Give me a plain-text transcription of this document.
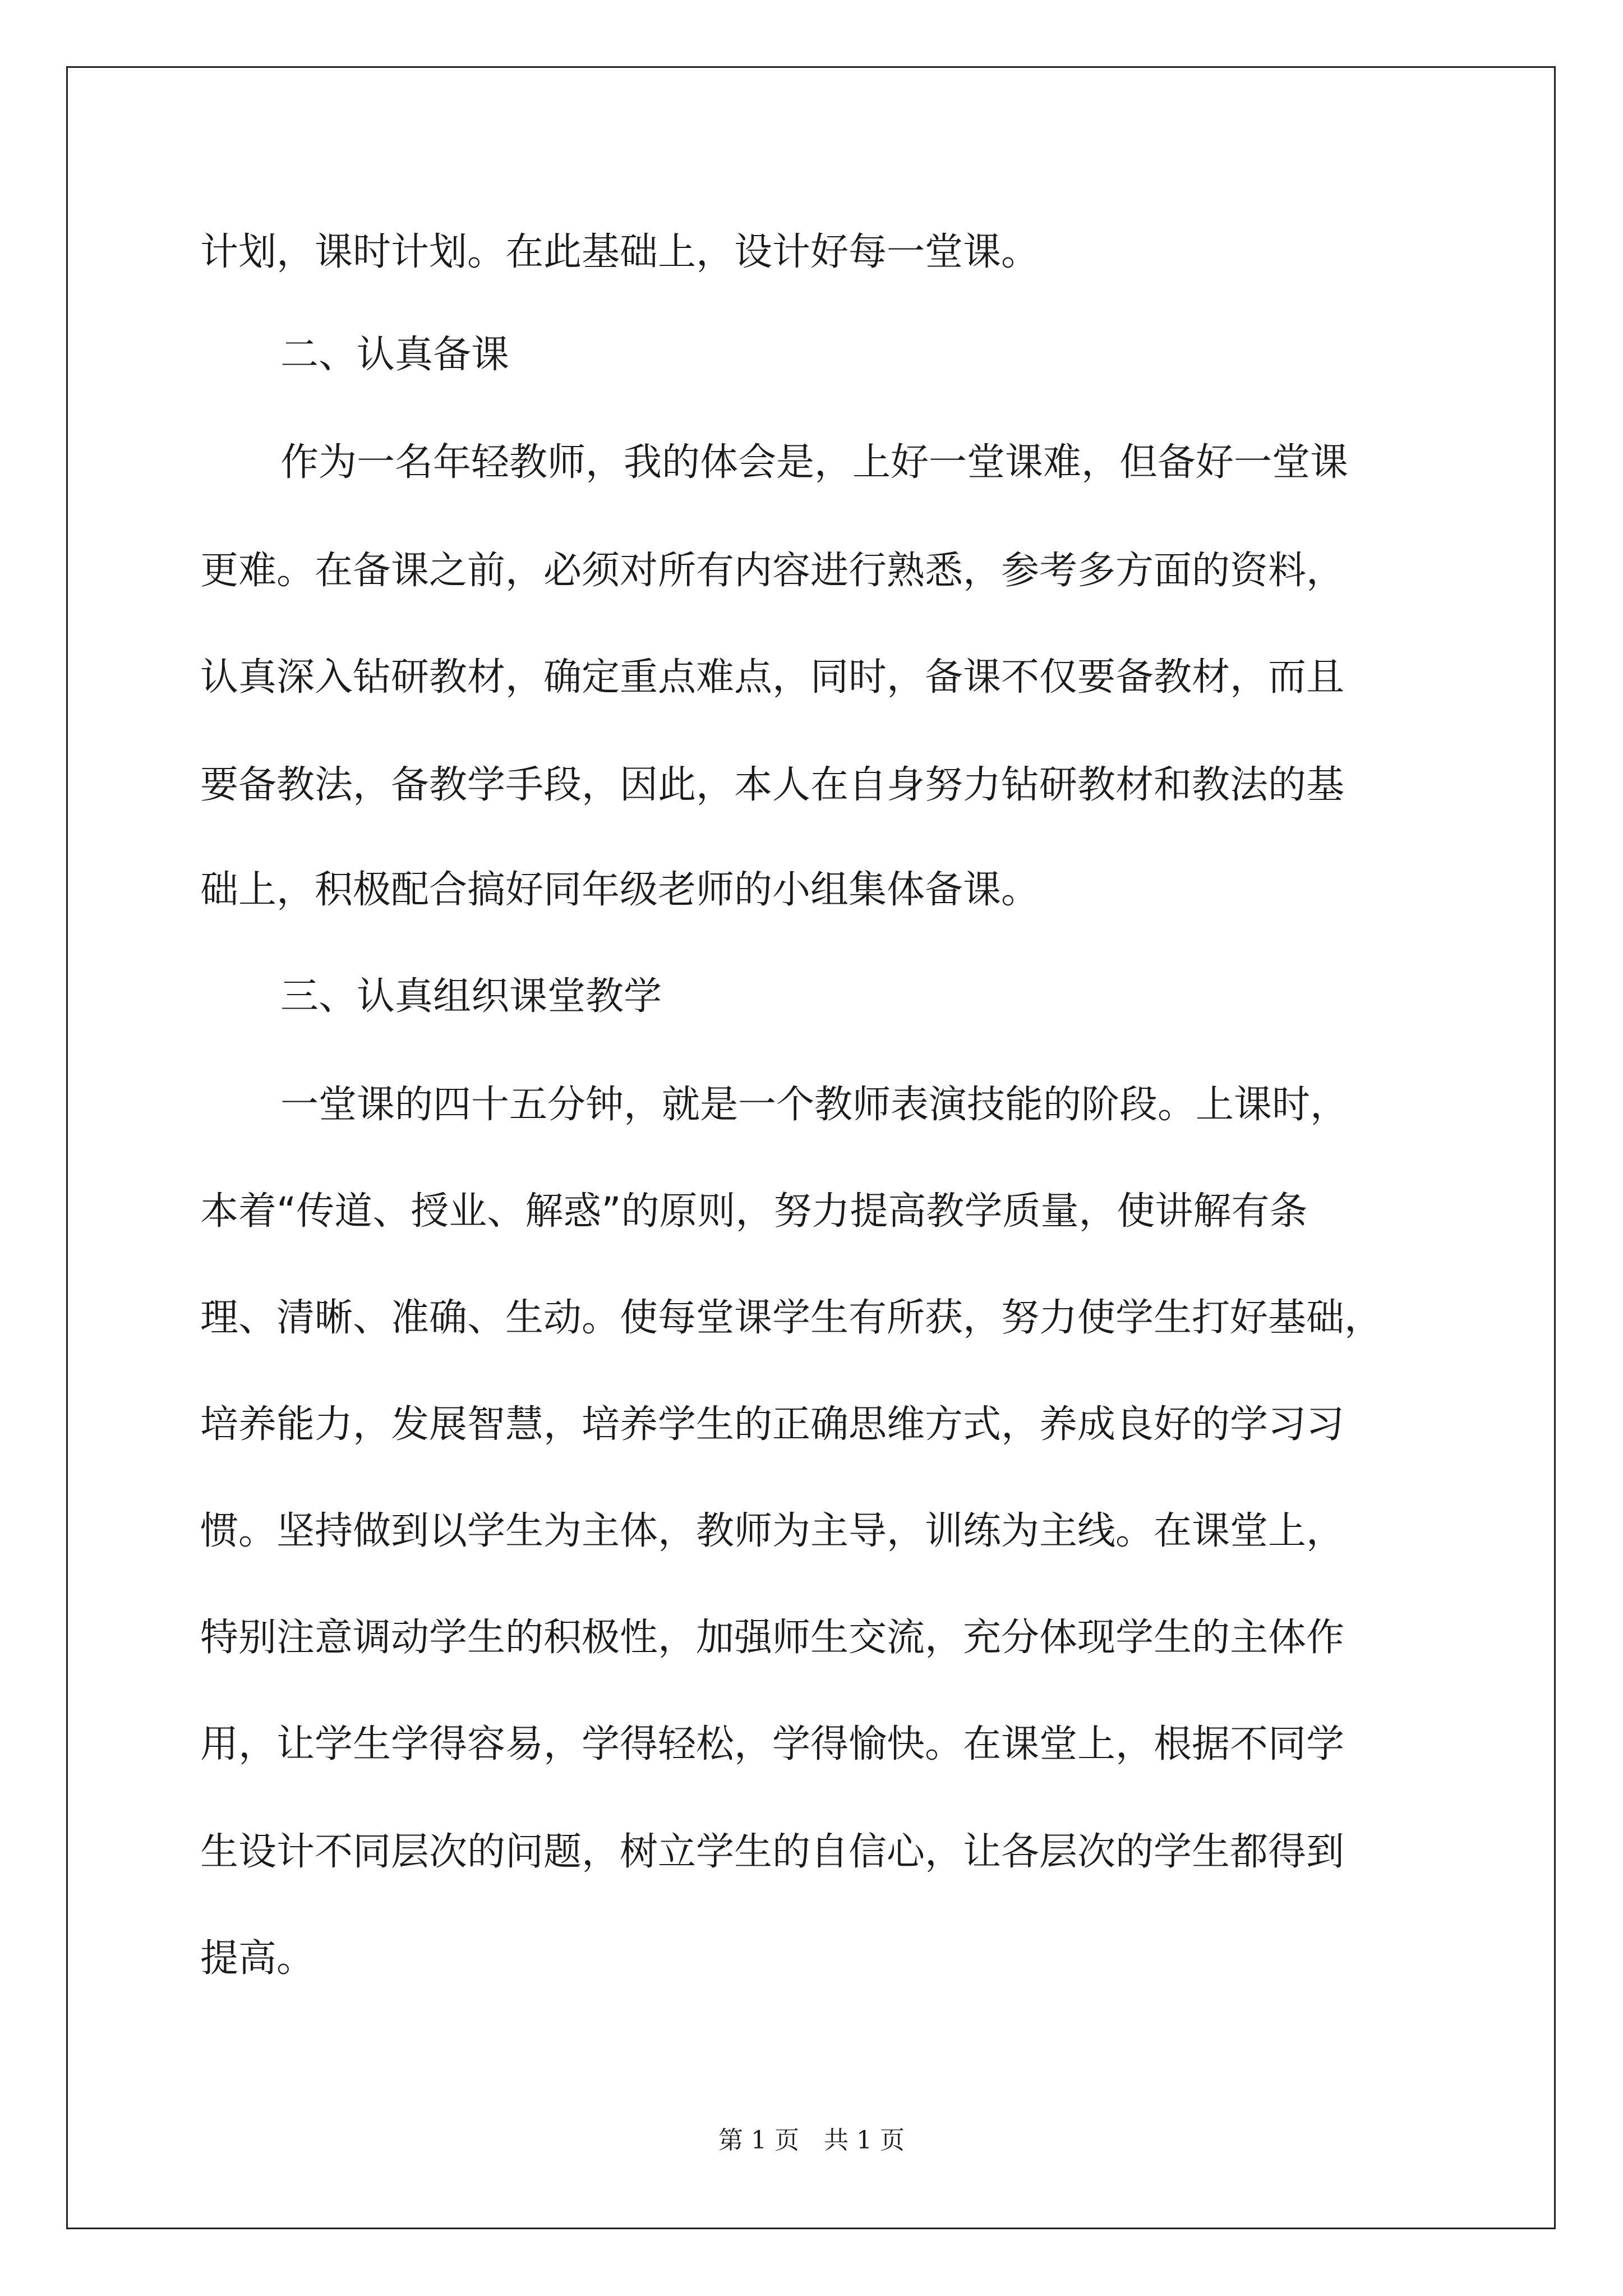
计划，课时计划。在此基础上，设计好每一堂课。
二、认真备课
作为一名年轻教师，我的体会是，上好一堂课难，但备好一堂课
更难。在备课之前，必须对所有内容进行熟悉，参考多方面的资料，
认真深入钻研教材，确定重点难点，同时，备课不仅要备教材，而且
要备教法，备教学手段，因此，本人在自身努力钻研教材和教法的基
础上，积极配合搞好同年级老师的小组集体备课。
三、认真组织课堂教学
一堂课的四十五分钟，就是一个教师表演技能的阶段。上课时，
本着“传道、授业、解惑”的原则，努力提高教学质量，使讲解有条
理、清晰、准确、生动。使每堂课学生有所获，努力使学生打好基础，
培养能力，发展智慧，培养学生的正确思维方式，养成良好的学习习
惯。坚持做到以学生为主体，教师为主导，训练为主线。在课堂上，
特别注意调动学生的积极性，加强师生交流，充分体现学生的主体作
用，让学生学得容易，学得轻松，学得愉快。在课堂上，根据不同学
生设计不同层次的问题，树立学生的自信心，让各层次的学生都得到
提高。
第 1 页　共 1 页
